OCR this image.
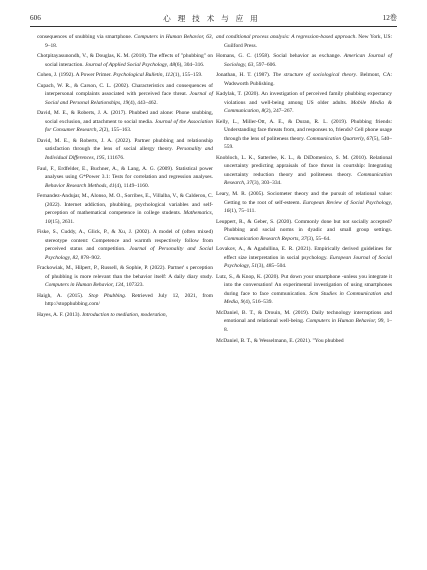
606	心 理 技 术 与 应 用	12卷

consequences of snubbing via smartphone. Computers in Human Behavior, 63, 9–18.

Chotpitayasunondh, V., & Douglas, K. M. (2018). The effects of "phubbing" on social interaction. Journal of Applied Social Psychology, 48(6), 304–316.

Cohen, J. (1992). A Power Primer. Psychological Bulletin, 112(1), 155–159.

Cupach, W. R., & Carson, C. L. (2002). Characteristics and consequences of interpersonal complaints associated with perceived face threat. Journal of Social and Personal Relationships, 19(4), 443–462.

David, M. E., & Roberts, J. A. (2017). Phubbed and alone: Phone snubbing, social exclusion, and attachment to social media. Journal of the Association for Consumer Research, 2(2), 155–163.

David, M. E., & Roberts, J. A. (2022). Partner phubbing and relationship satisfaction through the lens of social allergy theory. Personality and Individual Differences, 195, 111676.

Faul, F., Erdfelder, E., Buchner, A., & Lang, A. G. (2009). Statistical power analyses using G*Power 3.1: Tests for correlation and regression analyses. Behavior Research Methods, 41(4), 1149–1160.

Fernandez-Andujar, M., Alonso, M. O., Sorribes, E., Villalba, V., & Calderon, C. (2022). Internet addiction, phubbing, psychological variables and self-perception of mathematical competence in college students. Mathematics, 10(15), 2631.

Fiske, S., Cuddy, A., Glick, P., & Xu, J. (2002). A model of (often mixed) stereotype content: Competence and warmth respectively follow from perceived status and competition. Journal of Personality and Social Psychology, 82, 878–902.

Frackowiak, M., Hilpert, P., Russell, & Sophie, P. (2022). Partner' s perception of phubbing is more relevant than the behavior itself: A daily diary study. Computers in Human Behavior, 134, 107323.

Haigh, A. (2015). Stop Phubbing. Retrieved July 12, 2021, from http://stopphubbing.com/

Hayes, A. F. (2013). Introduction to mediation, moderation,

and conditional process analysis: A regression-based approach. New York, US: Guilford Press.

Homans, G. C. (1958). Social behavior as exchange. American Journal of Sociology, 63, 597–606.

Jonathan, H. T. (1987). The structure of sociological theory. Belmont, CA: Wadsworth Publishing.

Kadylak, T. (2020). An investigation of perceived family phubbing expectancy violations and well-being among US older adults. Mobile Media & Communication, 8(2), 247–267.

Kelly, L., Miller-Ott, A. E., & Duran, R. L. (2019). Phubbing friends: Understanding face threats from, and responses to, friends? Cell phone usage through the lens of politeness theory. Communication Quarterly, 67(5), 540–559.

Knobloch, L. K., Satterlee, K. L., & DiDomenico, S. M. (2010). Relational uncertainty predicting appraisals of face threat in courtship: Integrating uncertainty reduction theory and politeness theory. Communication Research, 37(3), 303–334.

Leary, M. R. (2005). Sociometer theory and the pursuit of relational value: Getting to the root of self-esteem. European Review of Social Psychology, 16(1), 75–111.

Leuppert, R., & Geber, S. (2020). Commonly done but not socially accepted? Phubbing and social norms in dyadic and small group settings. Communication Research Reports, 37(3), 55–64.

Lovakov, A., & Agadullina, E. R. (2021). Empirically derived guidelines for effect size interpretation in social psychology. European Journal of Social Psychology, 51(3), 485–504.

Lutz, S., & Knop, K. (2020). Put down your smartphone -unless you integrate it into the conversation! An experimental investigation of using smartphones during face to face communication. Scm Studies in Communication and Media, 9(4), 516–539.

McDaniel, B. T., & Drouin, M. (2019). Daily technology interruptions and emotional and relational well-being. Computers in Human Behavior, 99, 1–8.

McDaniel, B. T., & Wesselmann, E. (2021). "You phubbed
